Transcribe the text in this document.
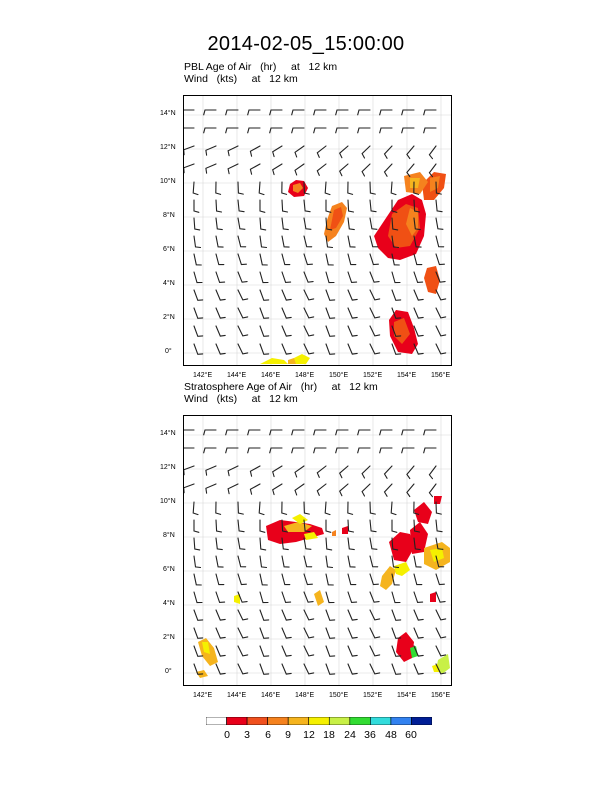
2014-02-05_15:00:00
PBL Age of Air   (hr)     at   12 km
Wind   (kts)     at   12 km
0°
2°N
4°N
6°N
8°N
10°N
12°N
14°N
142°E 144°E 146°E 148°E 150°E 152°E 154°E 156°E
Stratosphere Age of Air   (hr)     at   12 km
Wind   (kts)     at   12 km
0°
2°N
4°N
6°N
8°N
10°N
12°N
14°N
142°E 144°E 146°E 148°E 150°E 152°E 154°E 156°E
0	3	6	9	12 18 24 36 48 60
